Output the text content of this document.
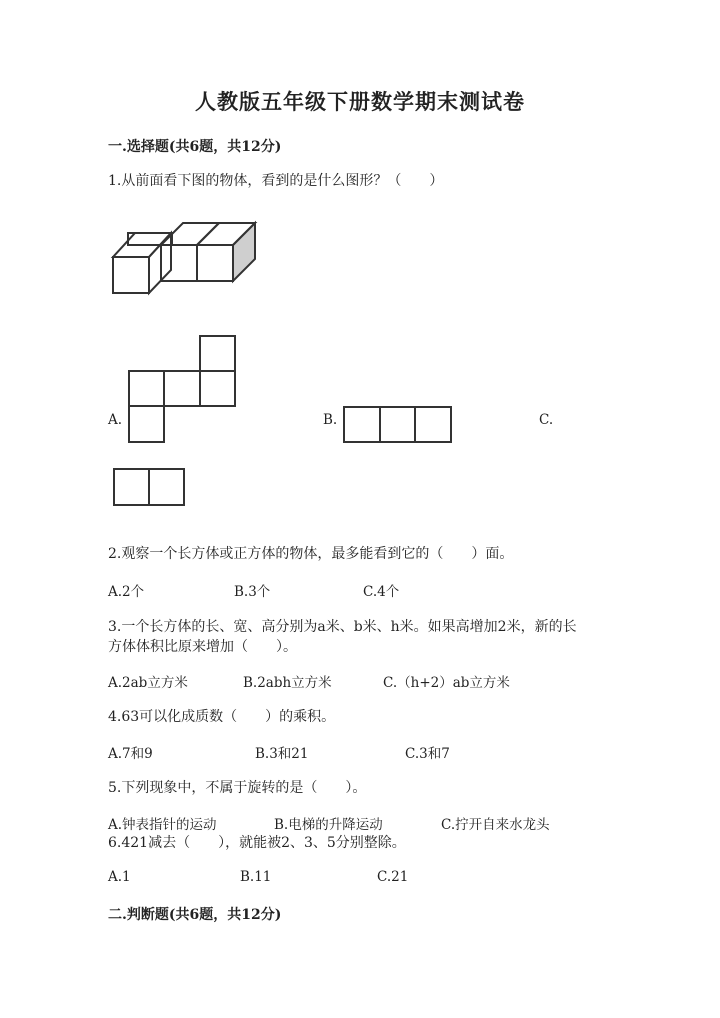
人教版五年级下册数学期末测试卷
一.选择题(共6题，共12分)
1.从前面看下图的物体，看到的是什么图形？（　　）
A.	B.	C.
2.观察一个长方体或正方体的物体，最多能看到它的（　　）面。
A.2个	B.3个	C.4个
3.一个长方体的长、宽、高分别为a米、b米、h米。如果高增加2米，新的长
方体体积比原来增加（　　）。
A.2ab立方米	B.2abh立方米	C.（h+2）ab立方米
4.63可以化成质数（　　）的乘积。
A.7和9	B.3和21	C.3和7
5.下列现象中，不属于旋转的是（　　）。
A.钟表指针的运动	B.电梯的升降运动	C.拧开自来水龙头
6.421减去（　　），就能被2、3、5分别整除。
A.1	B.11	C.21
二.判断题(共6题，共12分)
